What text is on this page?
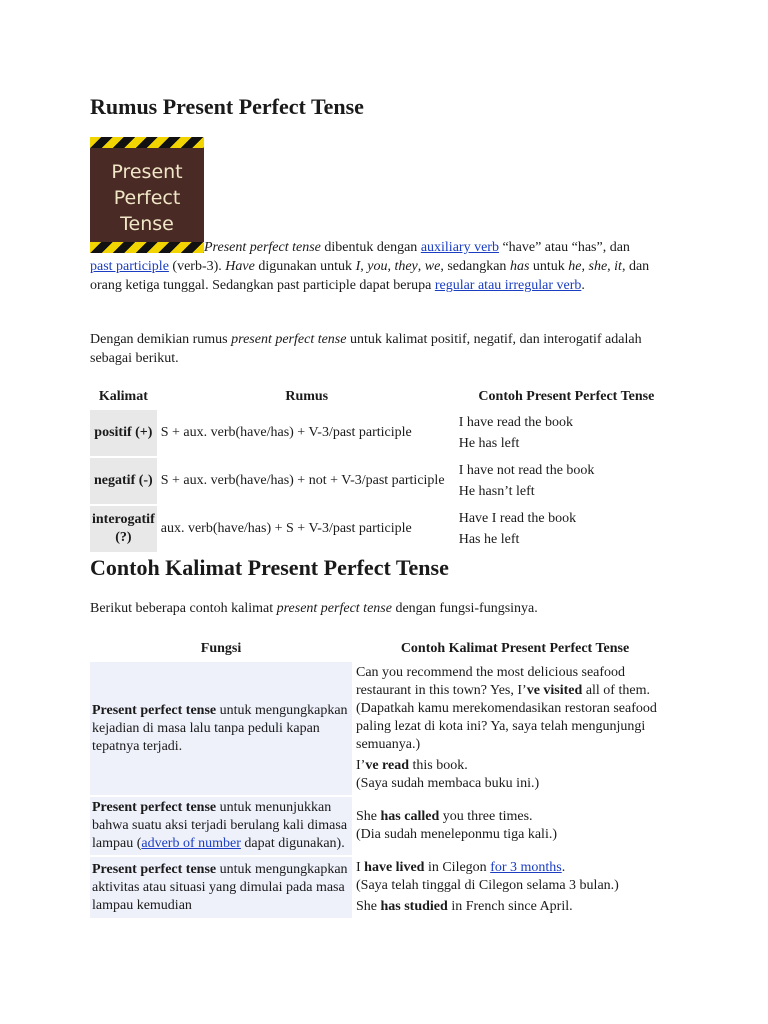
Rumus Present Perfect Tense
Present
Perfect
Tense

Present perfect tense dibentuk dengan auxiliary verb “have” atau “has”, dan past participle (verb-3). Have digunakan untuk I, you, they, we, sedangkan has untuk he, she, it, dan orang ketiga tunggal. Sedangkan past participle dapat berupa regular atau irregular verb.

Dengan demikian rumus present perfect tense untuk kalimat positif, negatif, dan interogatif adalah sebagai berikut.

Kalimat	Rumus	Contoh Present Perfect Tense
positif (+)	S + aux. verb(have/has) + V-3/past participle	I have read the book
He has left

negatif (-)	S + aux. verb(have/has) + not + V-3/past participle	I have not read the book
He hasn’t left

interogatif (?)	aux. verb(have/has) + S + V-3/past participle	Have I read the book
Has he left
Contoh Kalimat Present Perfect Tense

Berikut beberapa contoh kalimat present perfect tense dengan fungsi-fungsinya.

Fungsi	Contoh Kalimat Present Perfect Tense
Present perfect tense untuk mengungkapkan kejadian di masa lalu tanpa peduli kapan tepatnya terjadi.	Can you recommend the most delicious seafood restaurant in this town? Yes, I’ve visited all of them.
(Dapatkah kamu merekomendasikan restoran seafood paling lezat di kota ini? Ya, saya telah mengunjungi semuanya.)
I’ve read this book.
(Saya sudah membaca buku ini.)

Present perfect tense untuk menunjukkan bahwa suatu aksi terjadi berulang kali dimasa lampau (adverb of number dapat digunakan).	She has called you three times.
(Dia sudah meneleponmu tiga kali.)

Present perfect tense untuk mengungkapkan aktivitas atau situasi yang dimulai pada masa lampau kemudian	I have lived in Cilegon for 3 months.
(Saya telah tinggal di Cilegon selama 3 bulan.)
She has studied in French since April.
